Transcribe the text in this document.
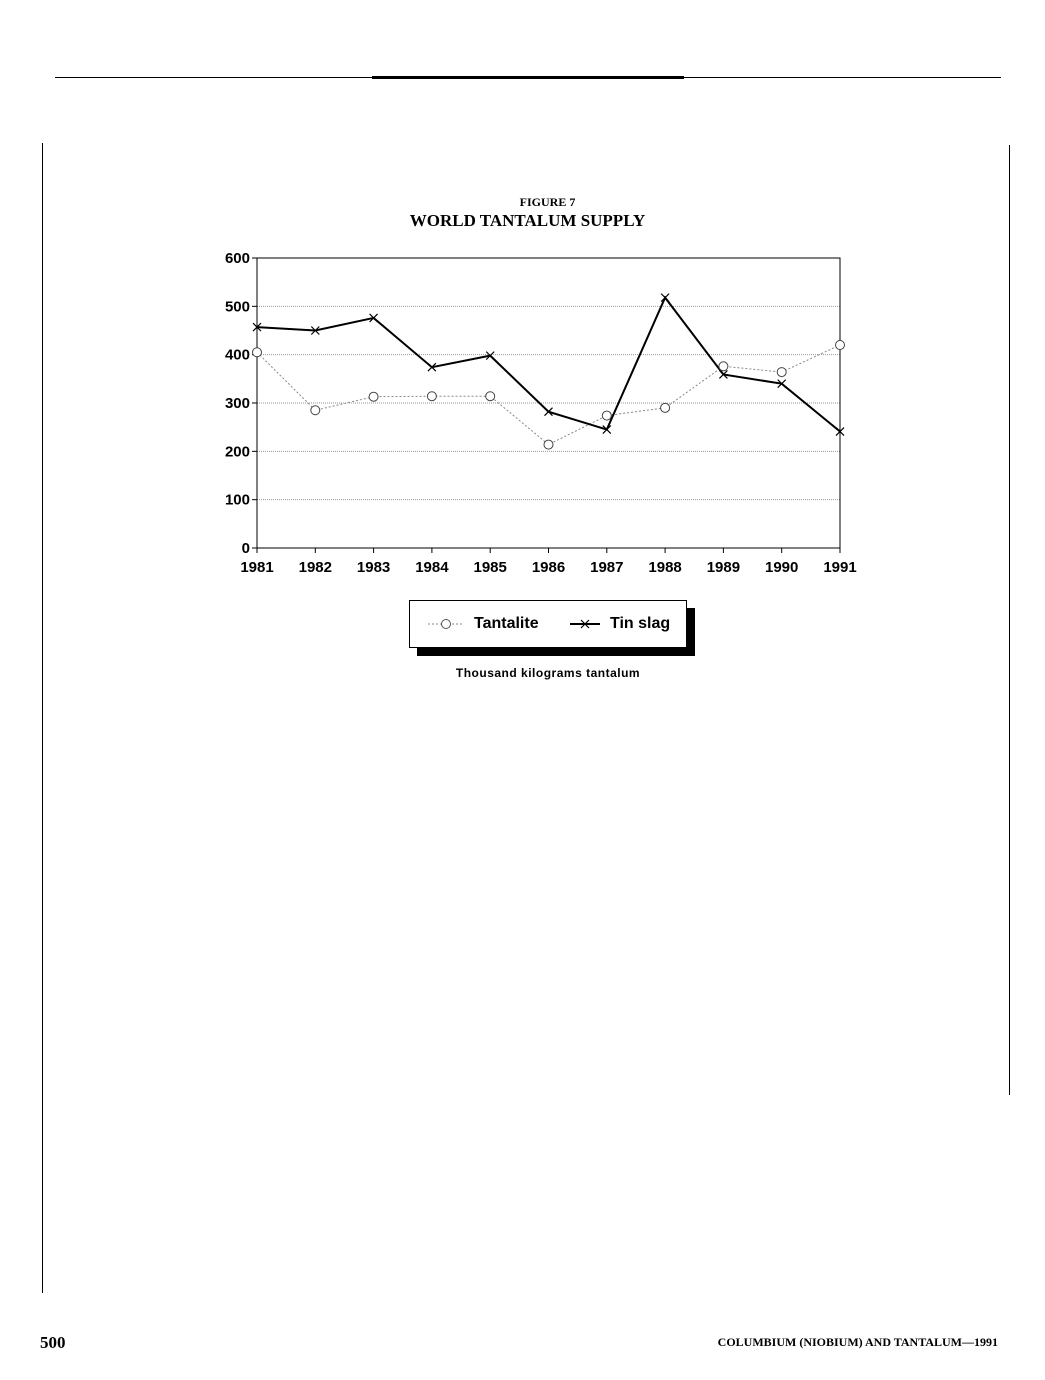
FIGURE 7
WORLD TANTALUM SUPPLY
0
100
200
300
400
500
600
1981 1982 1983 1984 1985 1986 1987 1988 1989 1990 1991
Tantalite	Tin slag
Thousand kilograms tantalum
500	COLUMBIUM (NIOBIUM) AND TANTALUM—1991
